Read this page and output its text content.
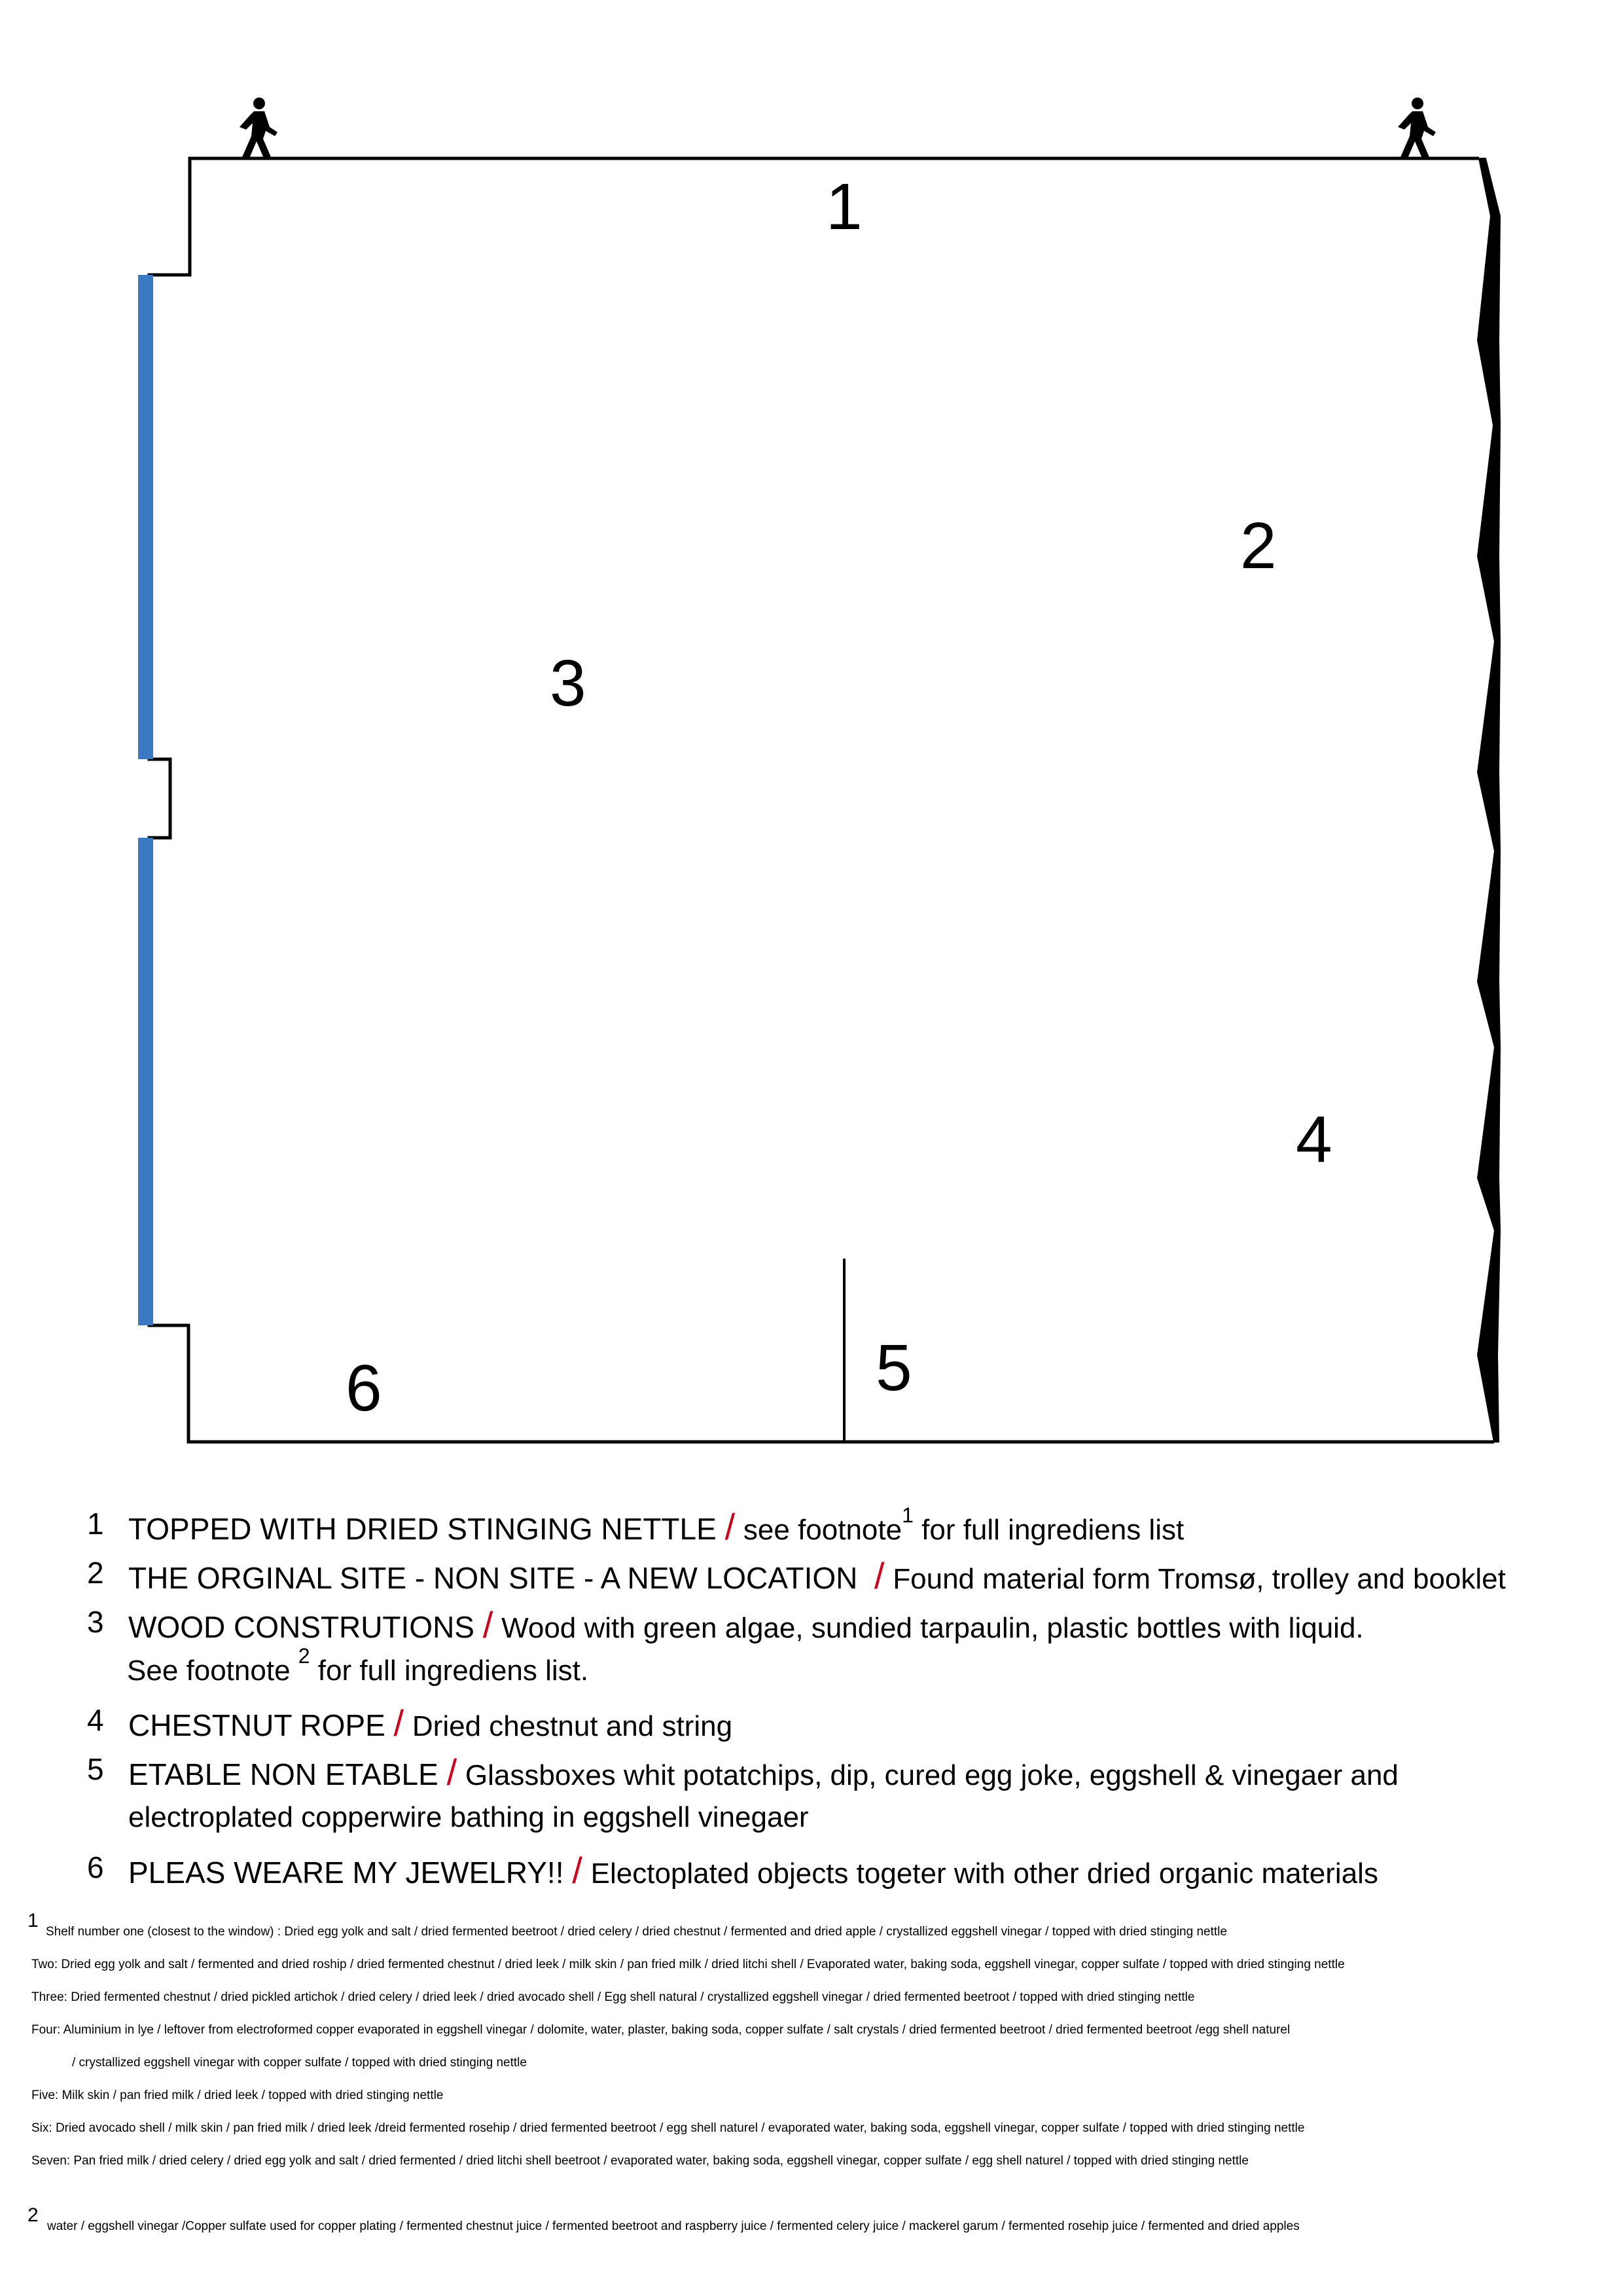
1
2
3
4
5
6
1 TOPPED WITH DRIED STINGING NETTLE / see footnote$^1$ for full ingrediens list
2 THE ORGINAL SITE - NON SITE - A NEW LOCATION / Found material form Tromsø, trolley and booklet
3 WOOD CONSTRUTIONS / Wood with green algae, sundied tarpaulin, plastic bottles with liquid.
See footnote $^2$ for full ingrediens list.
4 CHESTNUT ROPE / Dried chestnut and string
5 ETABLE NON ETABLE / Glassboxes whit potatchips, dip, cured egg joke, eggshell & vinegaer and
electroplated copperwire bathing in eggshell vinegaer
6 PLEAS WEARE MY JEWELRY!! / Electoplated objects togeter with other dried organic materials
1
Shelf number one (closest to the window) : Dried egg yolk and salt / dried fermented beetroot / dried celery / dried chestnut / fermented and dried apple / crystallized eggshell vinegar / topped with dried stinging nettle
Two: Dried egg yolk and salt / fermented and dried roship / dried fermented chestnut / dried leek / milk skin / pan fried milk / dried litchi shell / Evaporated water, baking soda, eggshell vinegar, copper sulfate / topped with dried stinging nettle
Three: Dried fermented chestnut / dried pickled artichok / dried celery / dried leek / dried avocado shell / Egg shell natural / crystallized eggshell vinegar / dried fermented beetroot / topped with dried stinging nettle
Four: Aluminium in lye / leftover from electroformed copper evaporated in eggshell vinegar / dolomite, water, plaster, baking soda, copper sulfate / salt crystals / dried fermented beetroot / dried fermented beetroot /egg shell naturel
/ crystallized eggshell vinegar with copper sulfate / topped with dried stinging nettle
Five: Milk skin / pan fried milk / dried leek / topped with dried stinging nettle
Six: Dried avocado shell / milk skin / pan fried milk / dried leek /dreid fermented rosehip / dried fermented beetroot / egg shell naturel / evaporated water, baking soda, eggshell vinegar, copper sulfate / topped with dried stinging nettle
Seven: Pan fried milk / dried celery / dried egg yolk and salt / dried fermented / dried litchi shell beetroot / evaporated water, baking soda, eggshell vinegar, copper sulfate / egg shell naturel / topped with dried stinging nettle
2
water / eggshell vinegar /Copper sulfate used for copper plating / fermented chestnut juice / fermented beetroot and raspberry juice / fermented celery juice / mackerel garum / fermented rosehip juice / fermented and dried apples
